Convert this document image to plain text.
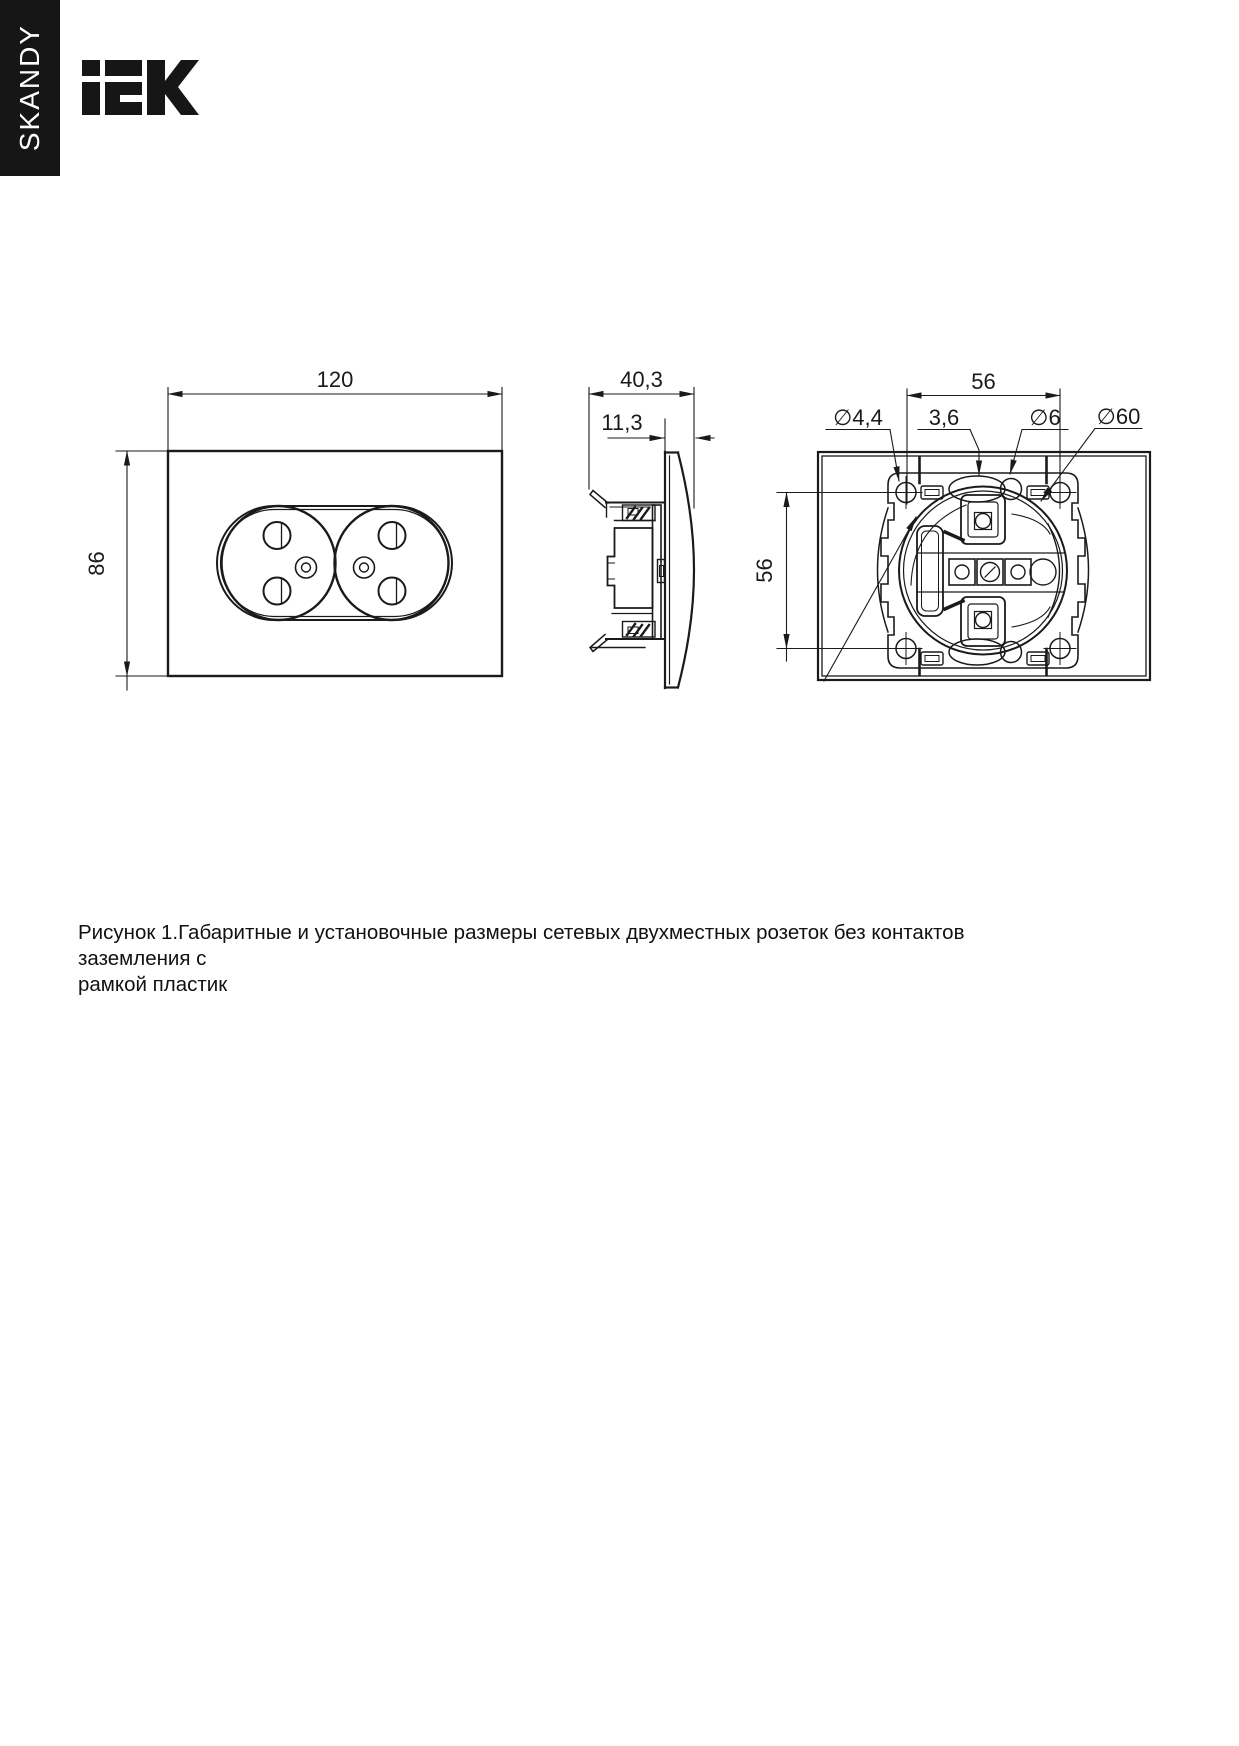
SKANDY
120
86
40,3
11,3
56
56
∅4,4 3,6	∅6 ∅60
Рисунок 1.Габаритные и установочные размеры сетевых двухместных розеток без контактов заземления с
рамкой пластик
